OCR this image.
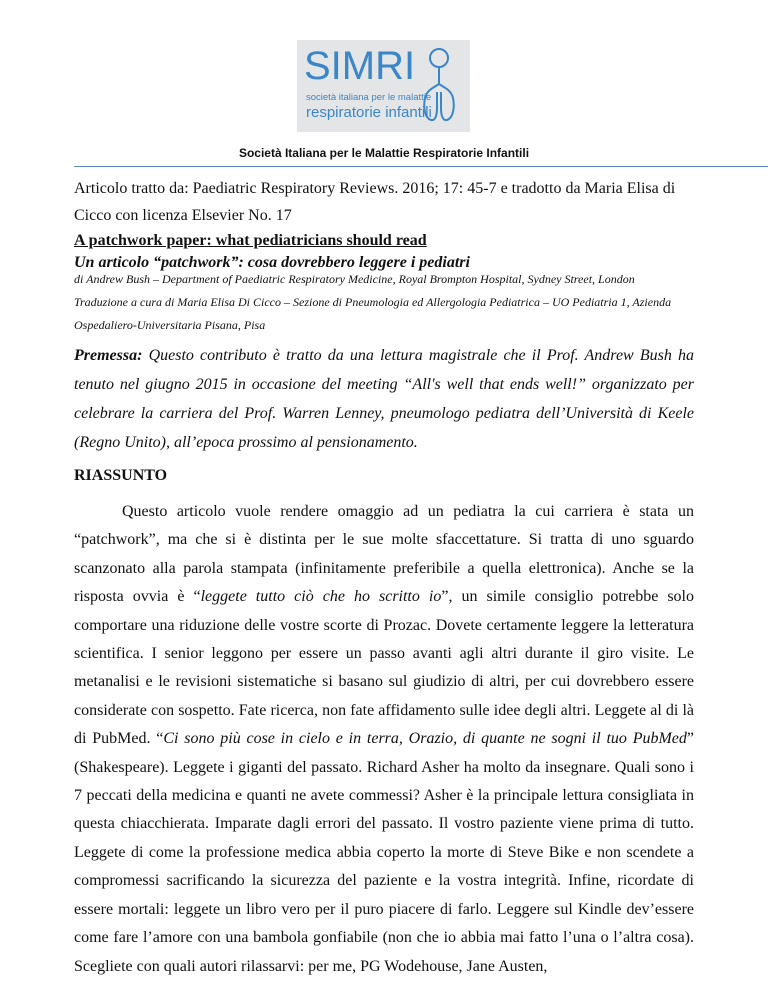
SIMRI
società italiana per le malattie
respiratorie infantili
Società Italiana per le Malattie Respiratorie Infantili
Articolo tratto da: Paediatric Respiratory Reviews. 2016; 17: 45-7 e tradotto da Maria Elisa di Cicco con licenza Elsevier No. 17
A patchwork paper: what pediatricians should read
Un articolo “patchwork”: cosa dovrebbero leggere i pediatri
di Andrew Bush – Department of Paediatric Respiratory Medicine, Royal Brompton Hospital, Sydney Street, London
Traduzione a cura di Maria Elisa Di Cicco – Sezione di Pneumologia ed Allergologia Pediatrica – UO Pediatria 1, Azienda Ospedaliero-Universitaria Pisana, Pisa
Premessa: Questo contributo è tratto da una lettura magistrale che il Prof. Andrew Bush ha tenuto nel giugno 2015 in occasione del meeting “All's well that ends well!” organizzato per celebrare la carriera del Prof. Warren Lenney, pneumologo pediatra dell’Università di Keele (Regno Unito), all’epoca prossimo al pensionamento.
RIASSUNTO
Questo articolo vuole rendere omaggio ad un pediatra la cui carriera è stata un “patchwork”, ma che si è distinta per le sue molte sfaccettature. Si tratta di uno sguardo scanzonato alla parola stampata (infinitamente preferibile a quella elettronica). Anche se la risposta ovvia è “leggete tutto ciò che ho scritto io”, un simile consiglio potrebbe solo comportare una riduzione delle vostre scorte di Prozac. Dovete certamente leggere la letteratura scientifica. I senior leggono per essere un passo avanti agli altri durante il giro visite. Le metanalisi e le revisioni sistematiche si basano sul giudizio di altri, per cui dovrebbero essere considerate con sospetto. Fate ricerca, non fate affidamento sulle idee degli altri. Leggete al di là di PubMed. “Ci sono più cose in cielo e in terra, Orazio, di quante ne sogni il tuo PubMed” (Shakespeare). Leggete i giganti del passato. Richard Asher ha molto da insegnare. Quali sono i 7 peccati della medicina e quanti ne avete commessi? Asher è la principale lettura consigliata in questa chiacchierata. Imparate dagli errori del passato. Il vostro paziente viene prima di tutto. Leggete di come la professione medica abbia coperto la morte di Steve Bike e non scendete a compromessi sacrificando la sicurezza del paziente e la vostra integrità. Infine, ricordate di essere mortali: leggete un libro vero per il puro piacere di farlo. Leggere sul Kindle dev’essere come fare l’amore con una bambola gonfiabile (non che io abbia mai fatto l’una o l’altra cosa). Scegliete con quali autori rilassarvi: per me, PG Wodehouse, Jane Austen,
